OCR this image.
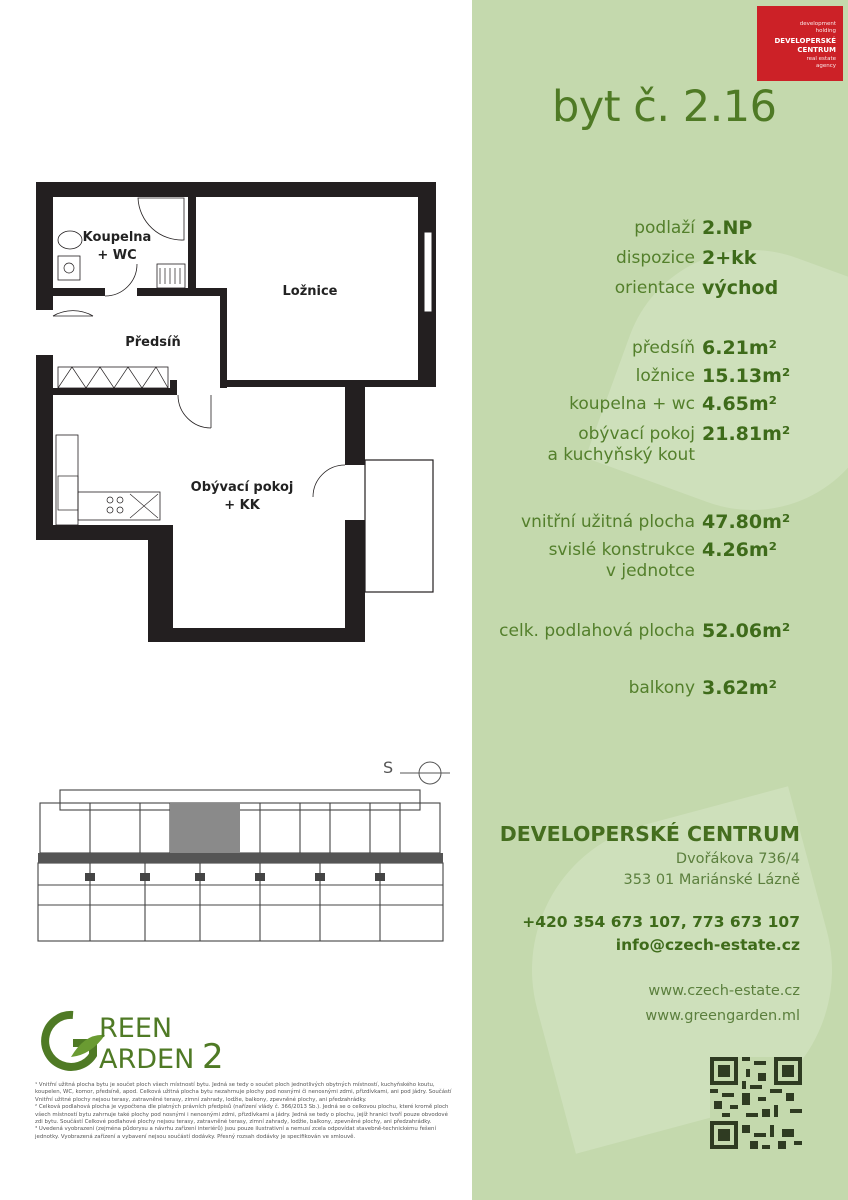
Koupelna
+ WC
Ložnice
Předsíň
Obývací pokoj
+ KK
S
REEN
ARDEN 2
¹ Vnitřní užitná plocha bytu je součet ploch všech místností bytu. Jedná se tedy o součet ploch jednotlivých obytných místností, kuchyňského koutu, koupelen, WC, komor, předsíně, apod. Celková užitná plocha bytu nezahrnuje plochy pod nosnými či nenosnými zdmi, přizdívkami, ani pod jádry. Součástí Vnitřní užitné plochy nejsou terasy, zatravněné terasy, zimní zahrady, lodžie, balkony, zpevněné plochy, ani předzahrádky.
² Celková podlahová plocha je vypočtena dle platných právních předpisů (nařízení vlády č. 366/2013 Sb.). Jedná se o celkovou plochu, které kromě ploch všech místností bytu zahrnuje také plochy pod nosnými i nenosnými zdmi, přizdívkami a jádry. Jedná se tedy o plochu, jejíž hranici tvoří pouze obvodové zdi bytu. Součástí Celkové podlahové plochy nejsou terasy, zatravněné terasy, zimní zahrady, lodžie, balkony, zpevněné plochy, ani předzahrádky.
³ Uvedená vyobrazení (zejména půdorysu a návrhu zařízení interiérů) jsou pouze ilustrativní a nemusí zcela odpovídat stavebně-technickému řešení jednotky. Vyobrazená zařízení a vybavení nejsou součástí dodávky. Přesný rozsah dodávky je specifikován ve smlouvě.
development
holding
DEVELOPERSKÉ
CENTRUM
real estate
agency
byt č. 2.16
podlaží 2.NP
dispozice 2+kk
orientace východ
předsíň 6.21m²
ložnice 15.13m²
koupelna + wc 4.65m²
obývací pokoj
a kuchyňský kout
21.81m²
vnitřní užitná plocha 47.80m²
svislé konstrukce
v jednotce
4.26m²
celk. podlahová plocha 52.06m²
balkony 3.62m²
DEVELOPERSKÉ CENTRUM
Dvořákova 736/4
353 01 Mariánské Lázně
+420 354 673 107, 773 673 107
info@czech-estate.cz
www.czech-estate.cz
www.greengarden.ml
